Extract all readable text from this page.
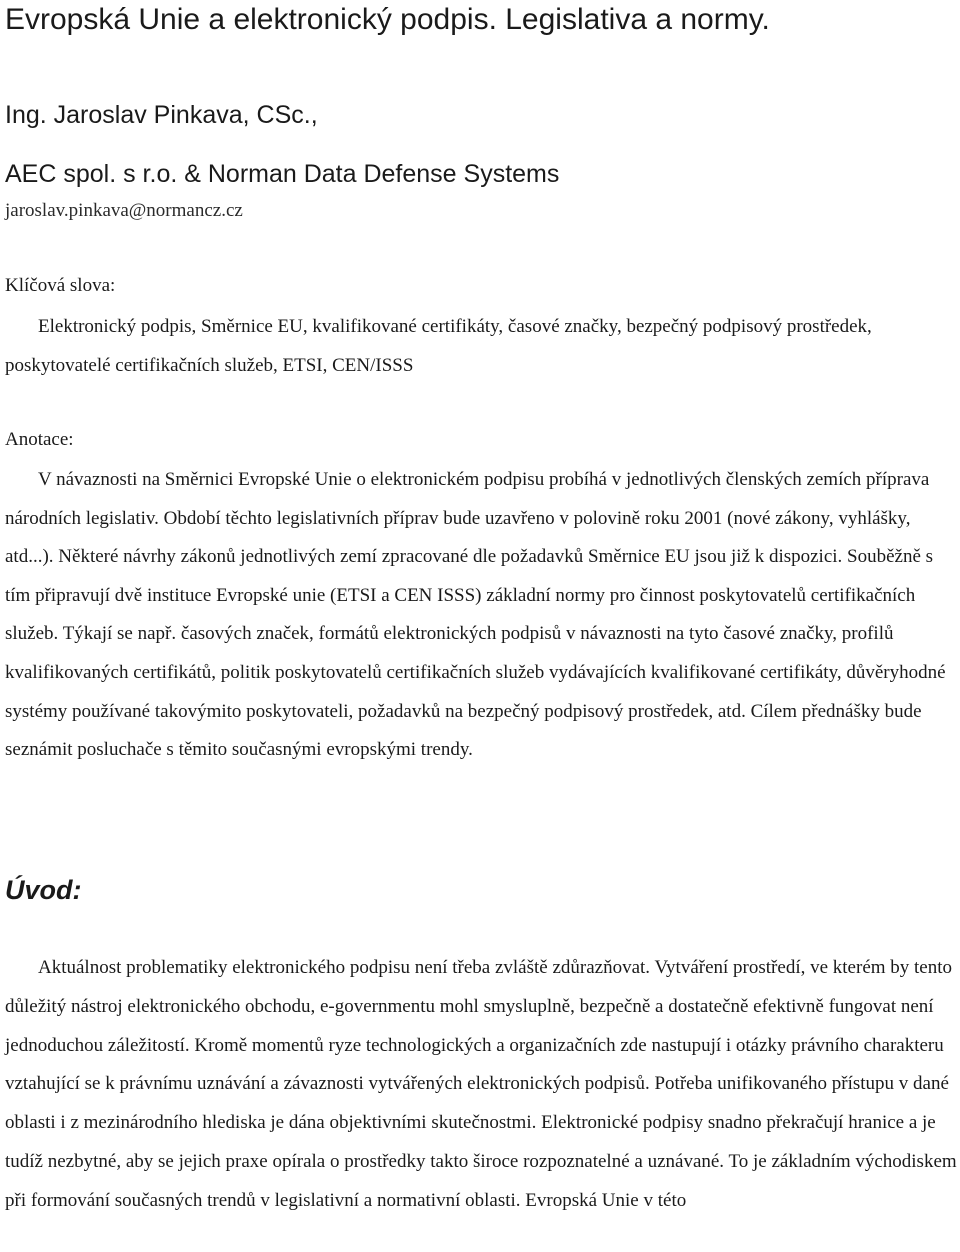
Evropská Unie a elektronický podpis. Legislativa a normy.

Ing. Jaroslav Pinkava, CSc.,

AEC spol. s r.o. & Norman Data Defense Systems

jaroslav.pinkava@normancz.cz
Klíčová slova:

Elektronický podpis, Směrnice EU, kvalifikované certifikáty, časové značky, bezpečný podpisový prostředek, poskytovatelé certifikačních služeb, ETSI, CEN/ISSS

Anotace:

V návaznosti na Směrnici Evropské Unie o elektronickém podpisu probíhá v jednotlivých členských zemích příprava národních legislativ. Období těchto legislativních příprav bude uzavřeno v polovině roku 2001 (nové zákony, vyhlášky, atd...). Některé návrhy zákonů jednotlivých zemí zpracované dle požadavků Směrnice EU jsou již k dispozici. Souběžně s tím připravují dvě instituce Evropské unie (ETSI a CEN ISSS) základní normy pro činnost poskytovatelů certifikačních služeb. Týkají se např. časových značek, formátů elektronických podpisů v návaznosti na tyto časové značky, profilů kvalifikovaných certifikátů, politik poskytovatelů certifikačních služeb vydávajících kvalifikované certifikáty, důvěryhodné systémy používané takovýmito poskytovateli, požadavků na bezpečný podpisový prostředek, atd. Cílem přednášky bude seznámit posluchače s těmito současnými evropskými trendy.

Úvod:

Aktuálnost problematiky elektronického podpisu není třeba zvláště zdůrazňovat. Vytváření prostředí, ve kterém by tento důležitý nástroj elektronického obchodu, e-governmentu mohl smysluplně, bezpečně a dostatečně efektivně fungovat není jednoduchou záležitostí. Kromě momentů ryze technologických a organizačních zde nastupují i otázky právního charakteru vztahující se k právnímu uznávání a závaznosti vytvářených elektronických podpisů. Potřeba unifikovaného přístupu v dané oblasti i z mezinárodního hlediska je dána objektivními skutečnostmi. Elektronické podpisy snadno překračují hranice a je tudíž nezbytné, aby se jejich praxe opírala o prostředky takto široce rozpoznatelné a uznávané. To je základním východiskem při formování současných trendů v legislativní a normativní oblasti. Evropská Unie v této
